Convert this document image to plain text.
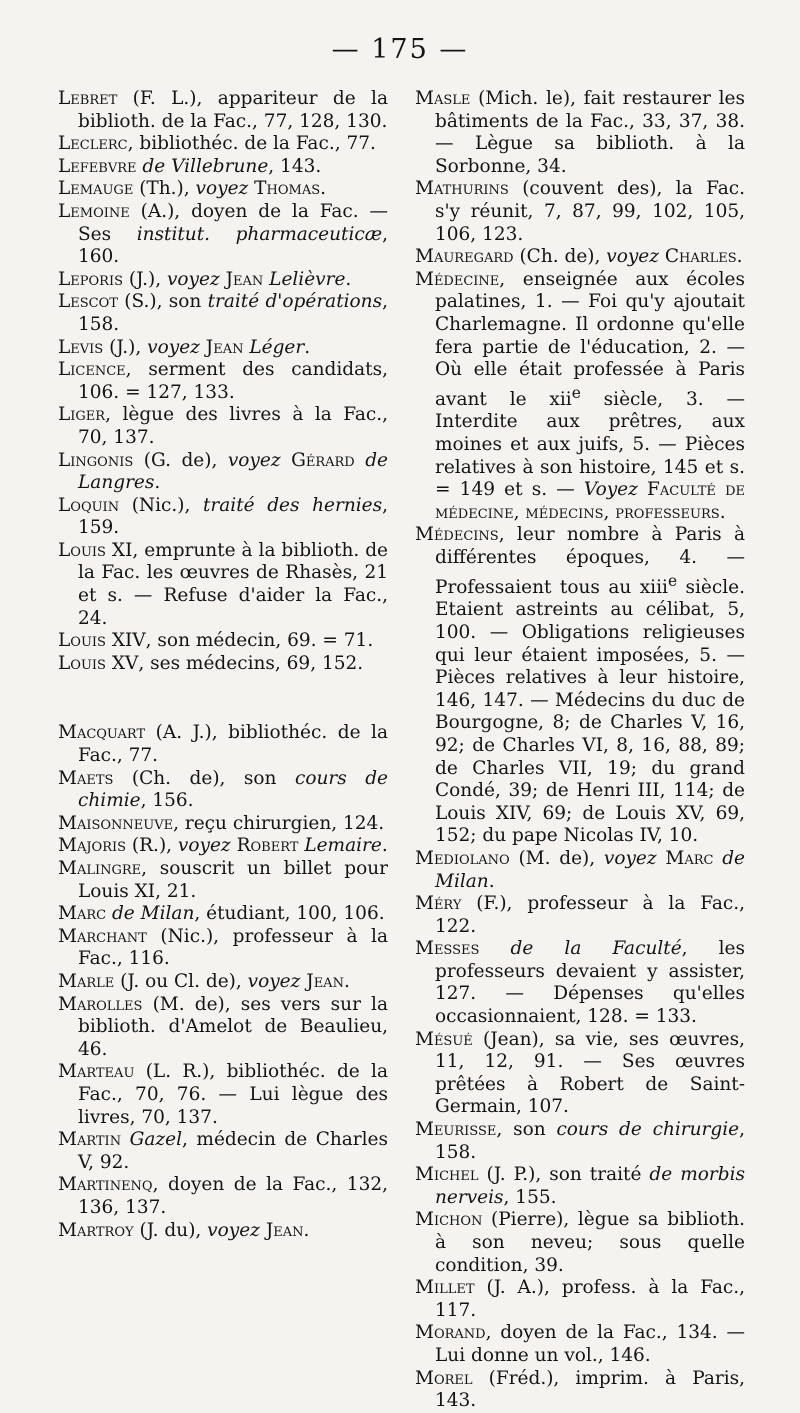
— 175 —

Lebret (F. L.), appariteur de la biblioth. de la Fac., 77, 128, 130.

Leclerc, bibliothéc. de la Fac., 77.

Lefebvre de Villebrune, 143.

Lemauge (Th.), voyez Thomas.

Lemoine (A.), doyen de la Fac. — Ses institut. pharmaceuticæ, 160.

Leporis (J.), voyez Jean Lelièvre.

Lescot (S.), son traité d'opérations, 158.

Levis (J.), voyez Jean Léger.

Licence, serment des candidats, 106. = 127, 133.

Liger, lègue des livres à la Fac., 70, 137.

Lingonis (G. de), voyez Gérard de Langres.

Loquin (Nic.), traité des hernies, 159.

Louis XI, emprunte à la biblioth. de la Fac. les œuvres de Rhasès, 21 et s. — Refuse d'aider la Fac., 24.

Louis XIV, son médecin, 69. = 71.

Louis XV, ses médecins, 69, 152.

Macquart (A. J.), bibliothéc. de la Fac., 77.

Maets (Ch. de), son cours de chimie, 156.

Maisonneuve, reçu chirurgien, 124.

Majoris (R.), voyez Robert Lemaire.

Malingre, souscrit un billet pour Louis XI, 21.

Marc de Milan, étudiant, 100, 106.

Marchant (Nic.), professeur à la Fac., 116.

Marle (J. ou Cl. de), voyez Jean.

Marolles (M. de), ses vers sur la biblioth. d'Amelot de Beaulieu, 46.

Marteau (L. R.), bibliothéc. de la Fac., 70, 76. — Lui lègue des livres, 70, 137.

Martin Gazel, médecin de Charles V, 92.

Martinenq, doyen de la Fac., 132, 136, 137.

Martroy (J. du), voyez Jean.

Masle (Mich. le), fait restaurer les bâtiments de la Fac., 33, 37, 38. — Lègue sa biblioth. à la Sorbonne, 34.

Mathurins (couvent des), la Fac. s'y réunit, 7, 87, 99, 102, 105, 106, 123.

Mauregard (Ch. de), voyez Charles.

Médecine, enseignée aux écoles palatines, 1. — Foi qu'y ajoutait Charlemagne. Il ordonne qu'elle fera partie de l'éducation, 2. — Où elle était professée à Paris avant le xii$^e$ siècle, 3. — Interdite aux prêtres, aux moines et aux juifs, 5. — Pièces relatives à son histoire, 145 et s. = 149 et s. — Voyez Faculté de médecine, médecins, professeurs.

Médecins, leur nombre à Paris à différentes époques, 4. — Professaient tous au xiii$^e$ siècle. Etaient astreints au célibat, 5, 100. — Obligations religieuses qui leur étaient imposées, 5. — Pièces relatives à leur histoire, 146, 147. — Médecins du duc de Bourgogne, 8; de Charles V, 16, 92; de Charles VI, 8, 16, 88, 89; de Charles VII, 19; du grand Condé, 39; de Henri III, 114; de Louis XIV, 69; de Louis XV, 69, 152; du pape Nicolas IV, 10.

Mediolano (M. de), voyez Marc de Milan.

Méry (F.), professeur à la Fac., 122.

Messes de la Faculté, les professeurs devaient y assister, 127. — Dépenses qu'elles occasionnaient, 128. = 133.

Mésué (Jean), sa vie, ses œuvres, 11, 12, 91. — Ses œuvres prêtées à Robert de Saint-Germain, 107.

Meurisse, son cours de chirurgie, 158.

Michel (J. P.), son traité de morbis nerveis, 155.

Michon (Pierre), lègue sa biblioth. à son neveu; sous quelle condition, 39.

Millet (J. A.), profess. à la Fac., 117.

Morand, doyen de la Fac., 134. — Lui donne un vol., 146.

Morel (Fréd.), imprim. à Paris, 143.
